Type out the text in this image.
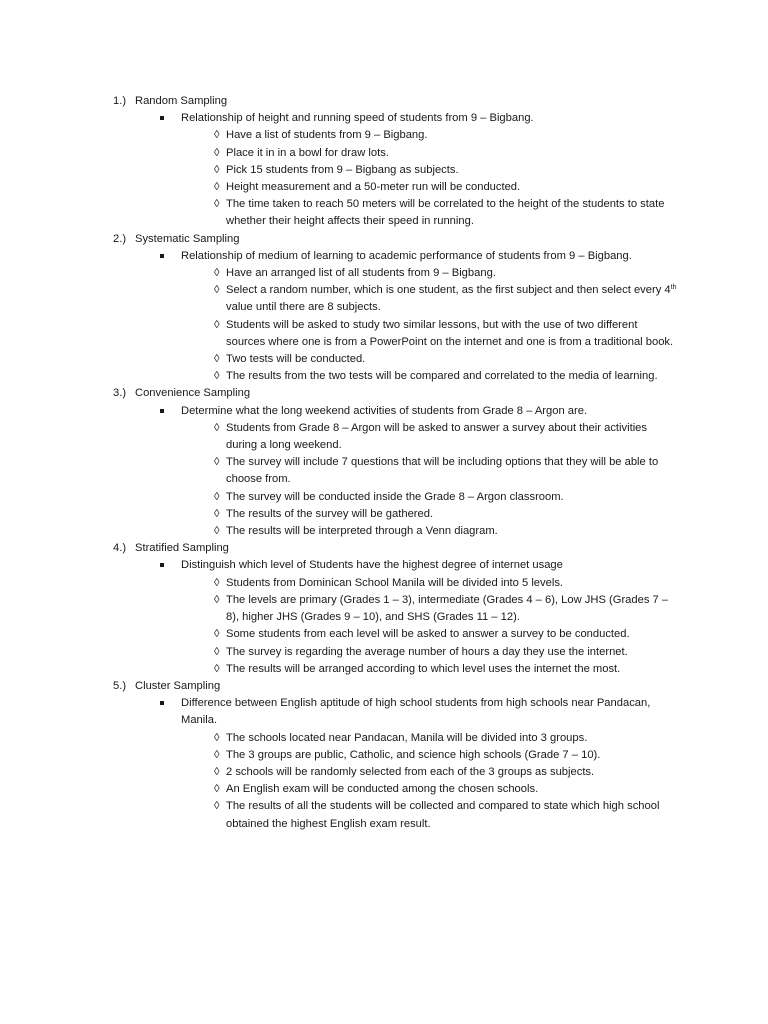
1.) Random Sampling
Relationship of height and running speed of students from 9 – Bigbang.
◊ Have a list of students from 9 – Bigbang.
◊ Place it in in a bowl for draw lots.
◊ Pick 15 students from 9 – Bigbang as subjects.
◊ Height measurement and a 50-meter run will be conducted.
◊ The time taken to reach 50 meters will be correlated to the height of the students to state whether their height affects their speed in running.
2.) Systematic Sampling
Relationship of medium of learning to academic performance of students from 9 – Bigbang.
◊ Have an arranged list of all students from 9 – Bigbang.
◊ Select a random number, which is one student, as the first subject and then select every 4th value until there are 8 subjects.
◊ Students will be asked to study two similar lessons, but with the use of two different sources where one is from a PowerPoint on the internet and one is from a traditional book.
◊ Two tests will be conducted.
◊ The results from the two tests will be compared and correlated to the media of learning.
3.) Convenience Sampling
Determine what the long weekend activities of students from Grade 8 – Argon are.
◊ Students from Grade 8 – Argon will be asked to answer a survey about their activities during a long weekend.
◊ The survey will include 7 questions that will be including options that they will be able to choose from.
◊ The survey will be conducted inside the Grade 8 – Argon classroom.
◊ The results of the survey will be gathered.
◊ The results will be interpreted through a Venn diagram.
4.) Stratified Sampling
Distinguish which level of Students have the highest degree of internet usage
◊ Students from Dominican School Manila will be divided into 5 levels.
◊ The levels are primary (Grades 1 – 3), intermediate (Grades 4 – 6), Low JHS (Grades 7 – 8), higher JHS (Grades 9 – 10), and SHS (Grades 11 – 12).
◊ Some students from each level will be asked to answer a survey to be conducted.
◊ The survey is regarding the average number of hours a day they use the internet.
◊ The results will be arranged according to which level uses the internet the most.
5.) Cluster Sampling
Difference between English aptitude of high school students from high schools near Pandacan, Manila.
◊ The schools located near Pandacan, Manila will be divided into 3 groups.
◊ The 3 groups are public, Catholic, and science high schools (Grade 7 – 10).
◊ 2 schools will be randomly selected from each of the 3 groups as subjects.
◊ An English exam will be conducted among the chosen schools.
◊ The results of all the students will be collected and compared to state which high school obtained the highest English exam result.
